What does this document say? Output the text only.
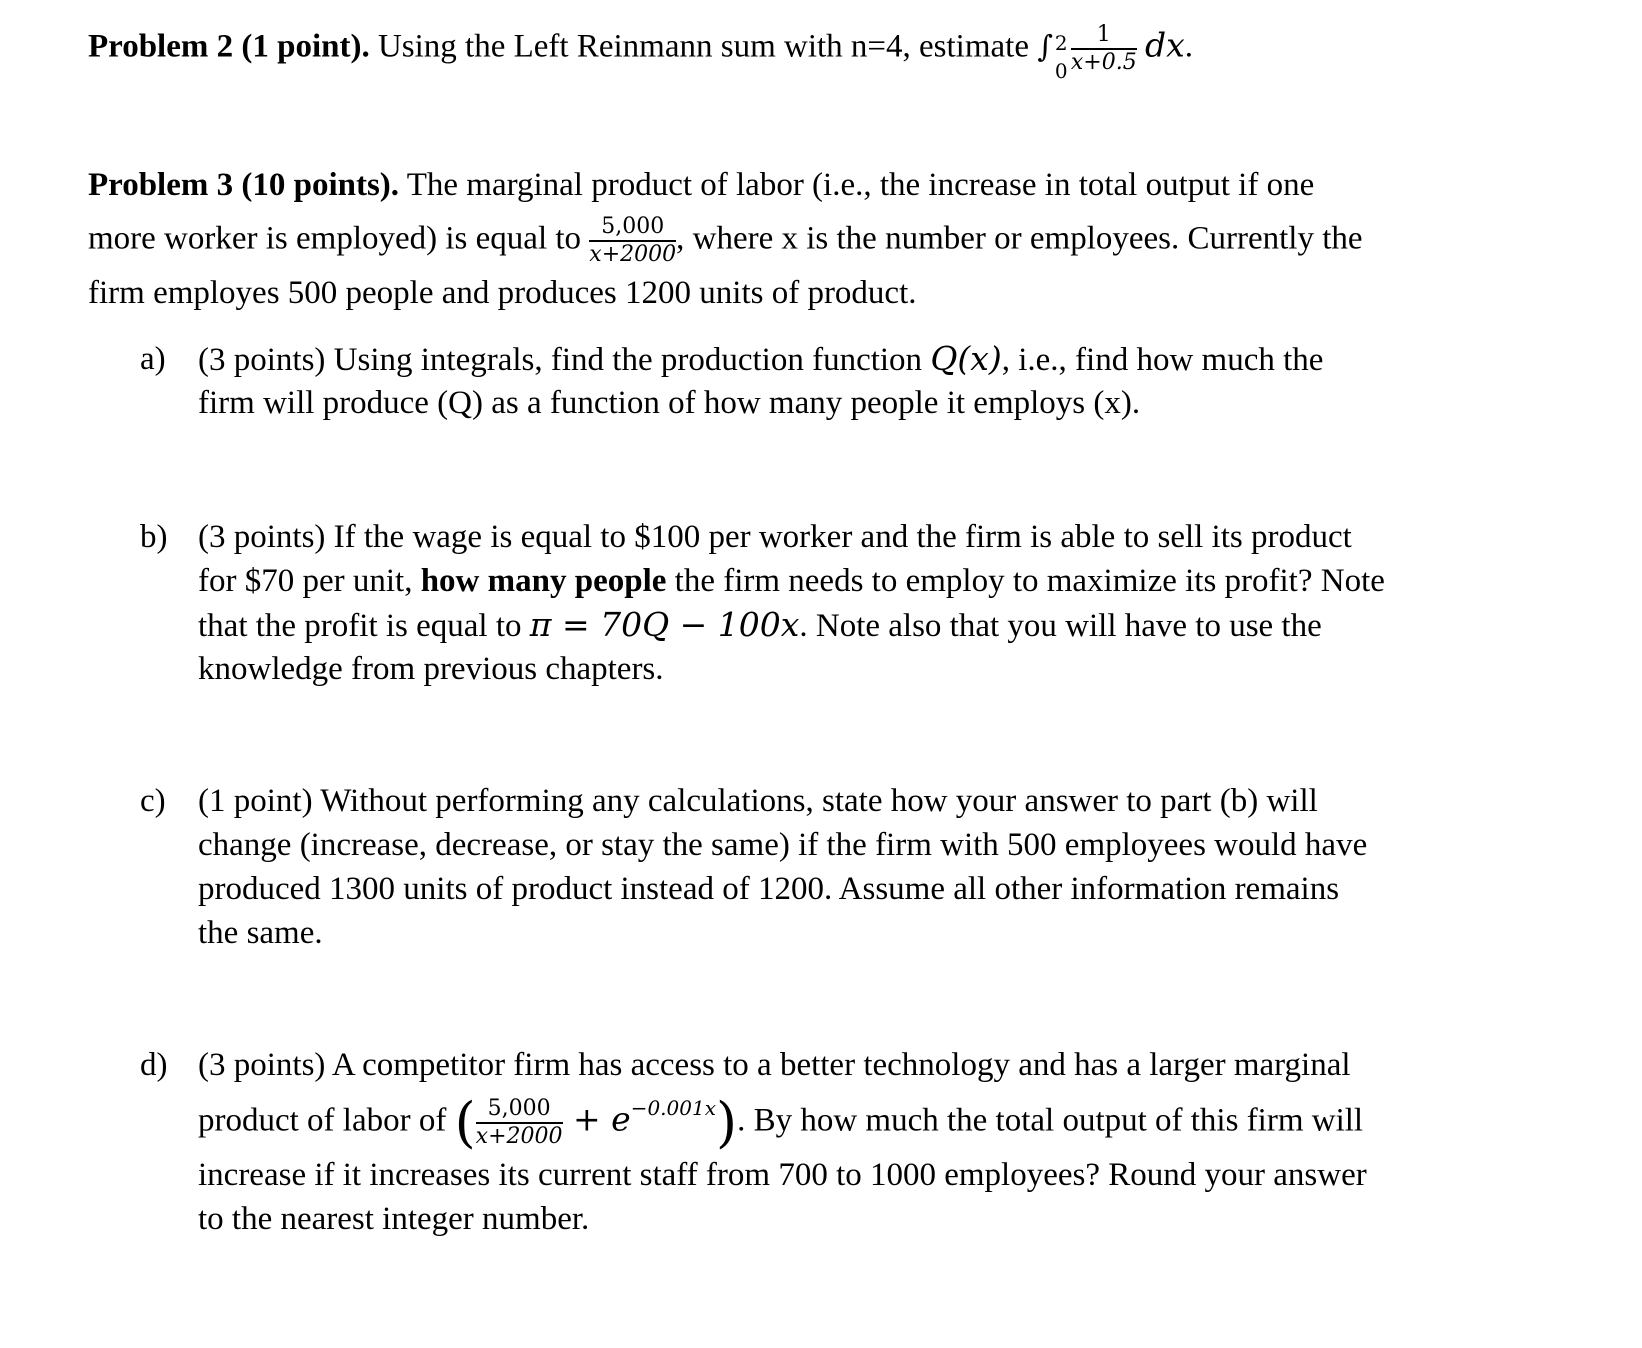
Problem 2 (1 point). Using the Left Reinmann sum with n=4, estimate ∫ 2
$0 \frac{1}{x+0.5}$ dx.
Problem 3 (10 points). The marginal product of labor (i.e., the increase in total output if one
more worker is employed) is equal to $\frac{5,000}{x+2000}$ , where x is the number or employees. Currently the
firm employes 500 people and produces 1200 units of product.
a) (3 points) Using integrals, find the production function Q(x), i.e., find how much the
firm will produce (Q) as a function of how many people it employs (x).
b) (3 points) If the wage is equal to $100 per worker and the firm is able to sell its product
for $70 per unit, how many people the firm needs to employ to maximize its profit? Note
that the profit is equal to π = 70Q − 100x. Note also that you will have to use the
knowledge from previous chapters.
c) (1 point) Without performing any calculations, state how your answer to part (b) will
change (increase, decrease, or stay the same) if the firm with 500 employees would have
produced 1300 units of product instead of 1200. Assume all other information remains
the same.
d) (3 points) A competitor firm has access to a better technology and has a larger marginal
product of labor of ( $\frac{5,000}{x+2000} + e^{-0.001x}$). By how much the total output of this firm will
increase if it increases its current staff from 700 to 1000 employees? Round your answer
to the nearest integer number.
